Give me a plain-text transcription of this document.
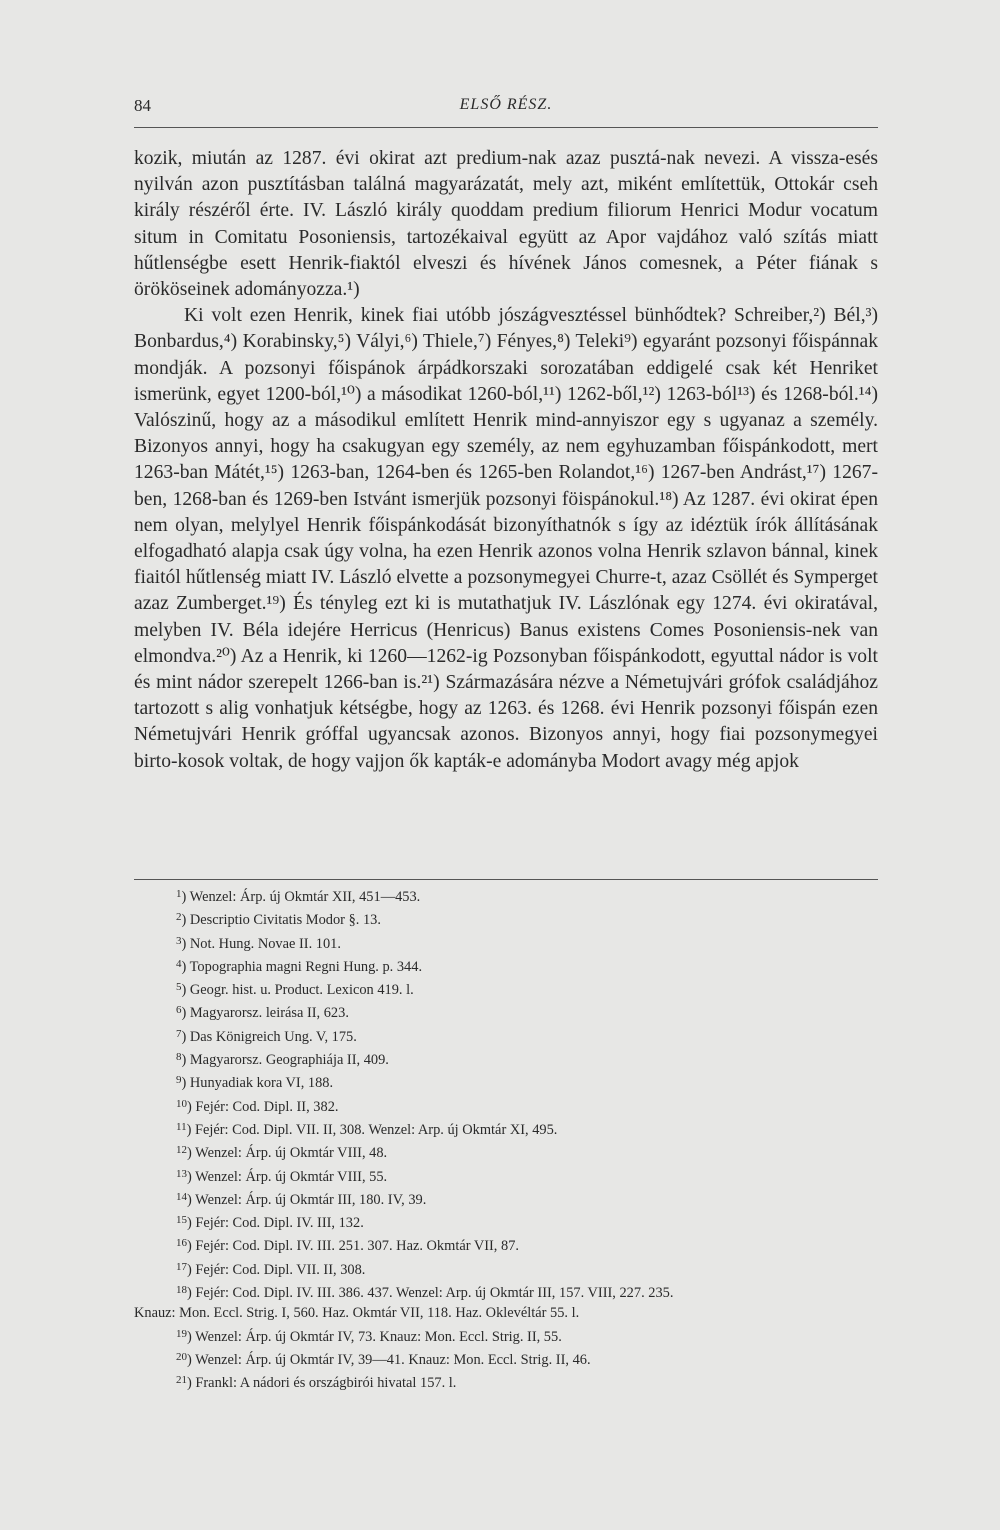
84	ELSŐ RÉSZ.

kozik, miután az 1287. évi okirat azt predium-nak azaz pusztá-nak nevezi. A vissza-esés nyilván azon pusztításban találná magyarázatát, mely azt, miként említettük, Ottokár cseh király részéről érte. IV. László király quoddam predium filiorum Henrici Modur vocatum situm in Comitatu Posoniensis, tartozékaival együtt az Apor vajdához való szítás miatt hűtlenségbe esett Henrik-fiaktól elveszi és hívének János comesnek, a Péter fiának s örököseinek adományozza.¹)

Ki volt ezen Henrik, kinek fiai utóbb jószágvesztéssel bünhődtek? Schreiber,²) Bél,³) Bonbardus,⁴) Korabinsky,⁵) Vályi,⁶) Thiele,⁷) Fényes,⁸) Teleki⁹) egyaránt pozsonyi főispánnak mondják. A pozsonyi főispánok árpádkorszaki sorozatában eddigelé csak két Henriket ismerünk, egyet 1200-ból,¹⁰) a másodikat 1260-ból,¹¹) 1262-ből,¹²) 1263-ból¹³) és 1268-ból.¹⁴) Valószinű, hogy az a másodikul említett Henrik mind-annyiszor egy s ugyanaz a személy. Bizonyos annyi, hogy ha csakugyan egy személy, az nem egyhuzamban főispánkodott, mert 1263-ban Mátét,¹⁵) 1263-ban, 1264-ben és 1265-ben Rolandot,¹⁶) 1267-ben Andrást,¹⁷) 1267-ben, 1268-ban és 1269-ben Istvánt ismerjük pozsonyi föispánokul.¹⁸) Az 1287. évi okirat épen nem olyan, melylyel Henrik főispánkodását bizonyíthatnók s így az idéztük írók állításának elfogadható alapja csak úgy volna, ha ezen Henrik azonos volna Henrik szlavon bánnal, kinek fiaitól hűtlenség miatt IV. László elvette a pozsonymegyei Churre-t, azaz Csöllét és Symperget azaz Zumberget.¹⁹) És tényleg ezt ki is mutathatjuk IV. Lászlónak egy 1274. évi okiratával, melyben IV. Béla idejére Herricus (Henricus) Banus existens Comes Posoniensis-nek van elmondva.²⁰) Az a Henrik, ki 1260—1262-ig Pozsonyban főispánkodott, egyuttal nádor is volt és mint nádor szerepelt 1266-ban is.²¹) Származására nézve a Németujvári grófok családjához tartozott s alig vonhatjuk kétségbe, hogy az 1263. és 1268. évi Henrik pozsonyi főispán ezen Németujvári Henrik gróffal ugyancsak azonos. Bizonyos annyi, hogy fiai pozsonymegyei birto-kosok voltak, de hogy vajjon ők kapták-e adományba Modort avagy még apjok

$^1$) Wenzel: Árp. új Okmtár XII, 451—453.
$^2$) Descriptio Civitatis Modor §. 13.
$^3$) Not. Hung. Novae II. 101.
$^4$) Topographia magni Regni Hung. p. 344.
$^5$) Geogr. hist. u. Product. Lexicon 419. l.
$^6$) Magyarorsz. leirása II, 623.
$^7$) Das Königreich Ung. V, 175.
$^8$) Magyarorsz. Geographiája II, 409.
$^9$) Hunyadiak kora VI, 188.
$^{10}$) Fejér: Cod. Dipl. II, 382.
$^{11}$) Fejér: Cod. Dipl. VII. II, 308. Wenzel: Arp. új Okmtár XI, 495.
$^{12}$) Wenzel: Árp. új Okmtár VIII, 48.
$^{13}$) Wenzel: Árp. új Okmtár VIII, 55.
$^{14}$) Wenzel: Árp. új Okmtár III, 180. IV, 39.
$^{15}$) Fejér: Cod. Dipl. IV. III, 132.
$^{16}$) Fejér: Cod. Dipl. IV. III. 251. 307. Haz. Okmtár VII, 87.
$^{17}$) Fejér: Cod. Dipl. VII. II, 308.
$^{18}$) Fejér: Cod. Dipl. IV. III. 386. 437. Wenzel: Arp. új Okmtár III, 157. VIII, 227. 235.
Knauz: Mon. Eccl. Strig. I, 560. Haz. Okmtár VII, 118. Haz. Oklevéltár 55. l.
$^{19}$) Wenzel: Árp. új Okmtár IV, 73. Knauz: Mon. Eccl. Strig. II, 55.
$^{20}$) Wenzel: Árp. új Okmtár IV, 39—41. Knauz: Mon. Eccl. Strig. II, 46.
$^{21}$) Frankl: A nádori és országbirói hivatal 157. l.
